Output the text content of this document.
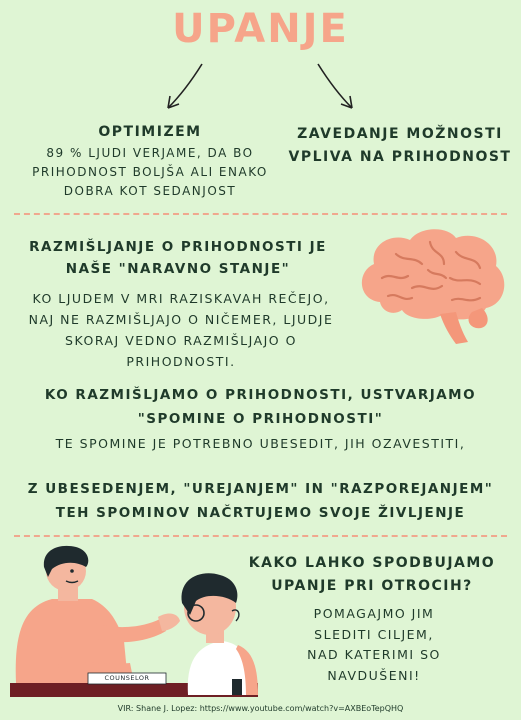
UPANJE
OPTIMIZEM
89 % LJUDI VERJAME, DA BO
PRIHODNOST BOLJŠA ALI ENAKO
DOBRA KOT SEDANJOST
ZAVEDANJE MOŽNOSTI
VPLIVA NA PRIHODNOST
RAZMIŠLJANJE O PRIHODNOSTI JE
NAŠE "NARAVNO STANJE"
KO LJUDEM V MRI RAZISKAVAH REČEJO,
NAJ NE RAZMIŠLJAJO O NIČEMER, LJUDJE
SKORAJ VEDNO RAZMIŠLJAJO O
PRIHODNOSTI.
KO RAZMIŠLJAMO O PRIHODNOSTI, USTVARJAMO
"SPOMINE O PRIHODNOSTI"
TE SPOMINE JE POTREBNO UBESEDIT, JIH OZAVESTITI,
Z UBESEDENJEM, "UREJANJEM" IN "RAZPOREJANJEM"
TEH SPOMINOV NAČRTUJEMO SVOJE ŽIVLJENJE
COUNSELOR
KAKO LAHKO SPODBUJAMO
UPANJE PRI OTROCIH?
POMAGAJMO JIM
SLEDITI CILJEM,
NAD KATERIMI SO
NAVDUŠENI!
VIR: Shane J. Lopez: https://www.youtube.com/watch?v=AXBEoTepQHQ
